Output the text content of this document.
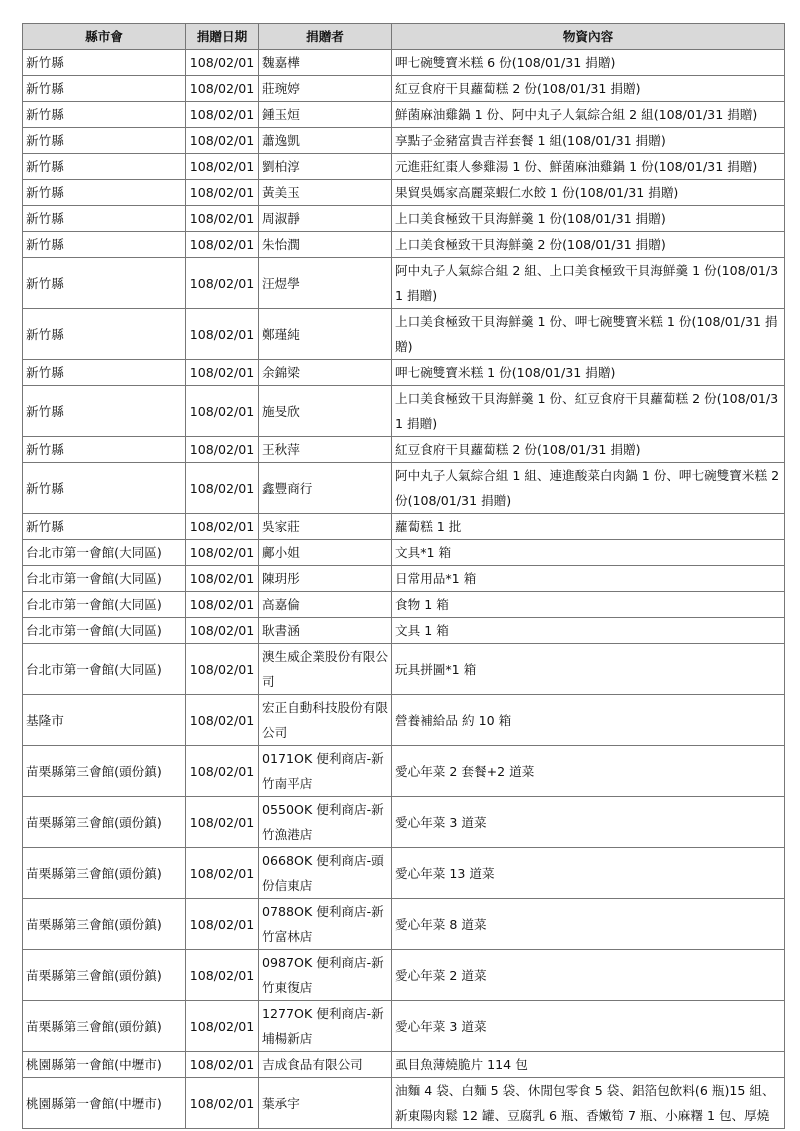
縣市會	捐贈日期	捐贈者	物資內容
新竹縣	108/02/01	魏嘉樺	呷七碗雙寶米糕 6 份(108/01/31 捐贈)
新竹縣	108/02/01	莊琬婷	紅豆食府干貝蘿蔔糕 2 份(108/01/31 捐贈)
新竹縣	108/02/01	鍾玉烜	鮮菌麻油雞鍋 1 份、阿中丸子人氣綜合組 2 組(108/01/31 捐贈)
新竹縣	108/02/01	蕭逸凱	享點子金豬富貴吉祥套餐 1 組(108/01/31 捐贈)
新竹縣	108/02/01	劉柏淳	元進莊紅棗人參雞湯 1 份、鮮菌麻油雞鍋 1 份(108/01/31 捐贈)
新竹縣	108/02/01	黃美玉	果貿吳媽家高麗菜蝦仁水餃 1 份(108/01/31 捐贈)
新竹縣	108/02/01	周淑靜	上口美食極致干貝海鮮羹 1 份(108/01/31 捐贈)
新竹縣	108/02/01	朱怡潤	上口美食極致干貝海鮮羹 2 份(108/01/31 捐贈)
新竹縣	108/02/01	汪煜學	阿中丸子人氣綜合組 2 組、上口美食極致干貝海鮮羹 1 份(108/01/31 捐贈)
新竹縣	108/02/01	鄭瑾純	上口美食極致干貝海鮮羹 1 份、呷七碗雙寶米糕 1 份(108/01/31 捐贈)
新竹縣	108/02/01	余錦梁	呷七碗雙寶米糕 1 份(108/01/31 捐贈)
新竹縣	108/02/01	施旻欣	上口美食極致干貝海鮮羹 1 份、紅豆食府干貝蘿蔔糕 2 份(108/01/31 捐贈)
新竹縣	108/02/01	王秋萍	紅豆食府干貝蘿蔔糕 2 份(108/01/31 捐贈)
新竹縣	108/02/01	鑫豐商行	阿中丸子人氣綜合組 1 組、連進酸菜白肉鍋 1 份、呷七碗雙寶米糕 2 份(108/01/31 捐贈)
新竹縣	108/02/01	吳家莊	蘿蔔糕 1 批
台北市第一會館(大同區)	108/02/01	鄺小姐	文具*1 箱
台北市第一會館(大同區)	108/02/01	陳玥彤	日常用品*1 箱
台北市第一會館(大同區)	108/02/01	高嘉倫	食物 1 箱
台北市第一會館(大同區)	108/02/01	耿書涵	文具 1 箱
台北市第一會館(大同區)	108/02/01	澳生威企業股份有限公司	玩具拼圖*1 箱
基隆市	108/02/01	宏正自動科技股份有限公司	營養補給品 約 10 箱
苗栗縣第三會館(頭份鎮)	108/02/01	0171OK 便利商店-新竹南平店	愛心年菜 2 套餐+2 道菜
苗栗縣第三會館(頭份鎮)	108/02/01	0550OK 便利商店-新竹漁港店	愛心年菜 3 道菜
苗栗縣第三會館(頭份鎮)	108/02/01	0668OK 便利商店-頭份信東店	愛心年菜 13 道菜
苗栗縣第三會館(頭份鎮)	108/02/01	0788OK 便利商店-新竹富林店	愛心年菜 8 道菜
苗栗縣第三會館(頭份鎮)	108/02/01	0987OK 便利商店-新竹東復店	愛心年菜 2 道菜
苗栗縣第三會館(頭份鎮)	108/02/01	1277OK 便利商店-新埔楊新店	愛心年菜 3 道菜
桃園縣第一會館(中壢市)	108/02/01	吉成食品有限公司	虱目魚薄燒脆片 114 包
桃園縣第一會館(中壢市)	108/02/01	葉承宇	油麵 4 袋、白麵 5 袋、休閒包零食 5 袋、鋁箔包飲料(6 瓶)15 組、新東陽肉鬆 12 罐、豆腐乳 6 瓶、香嫩筍 7 瓶、小麻糬 1 包、厚燒
